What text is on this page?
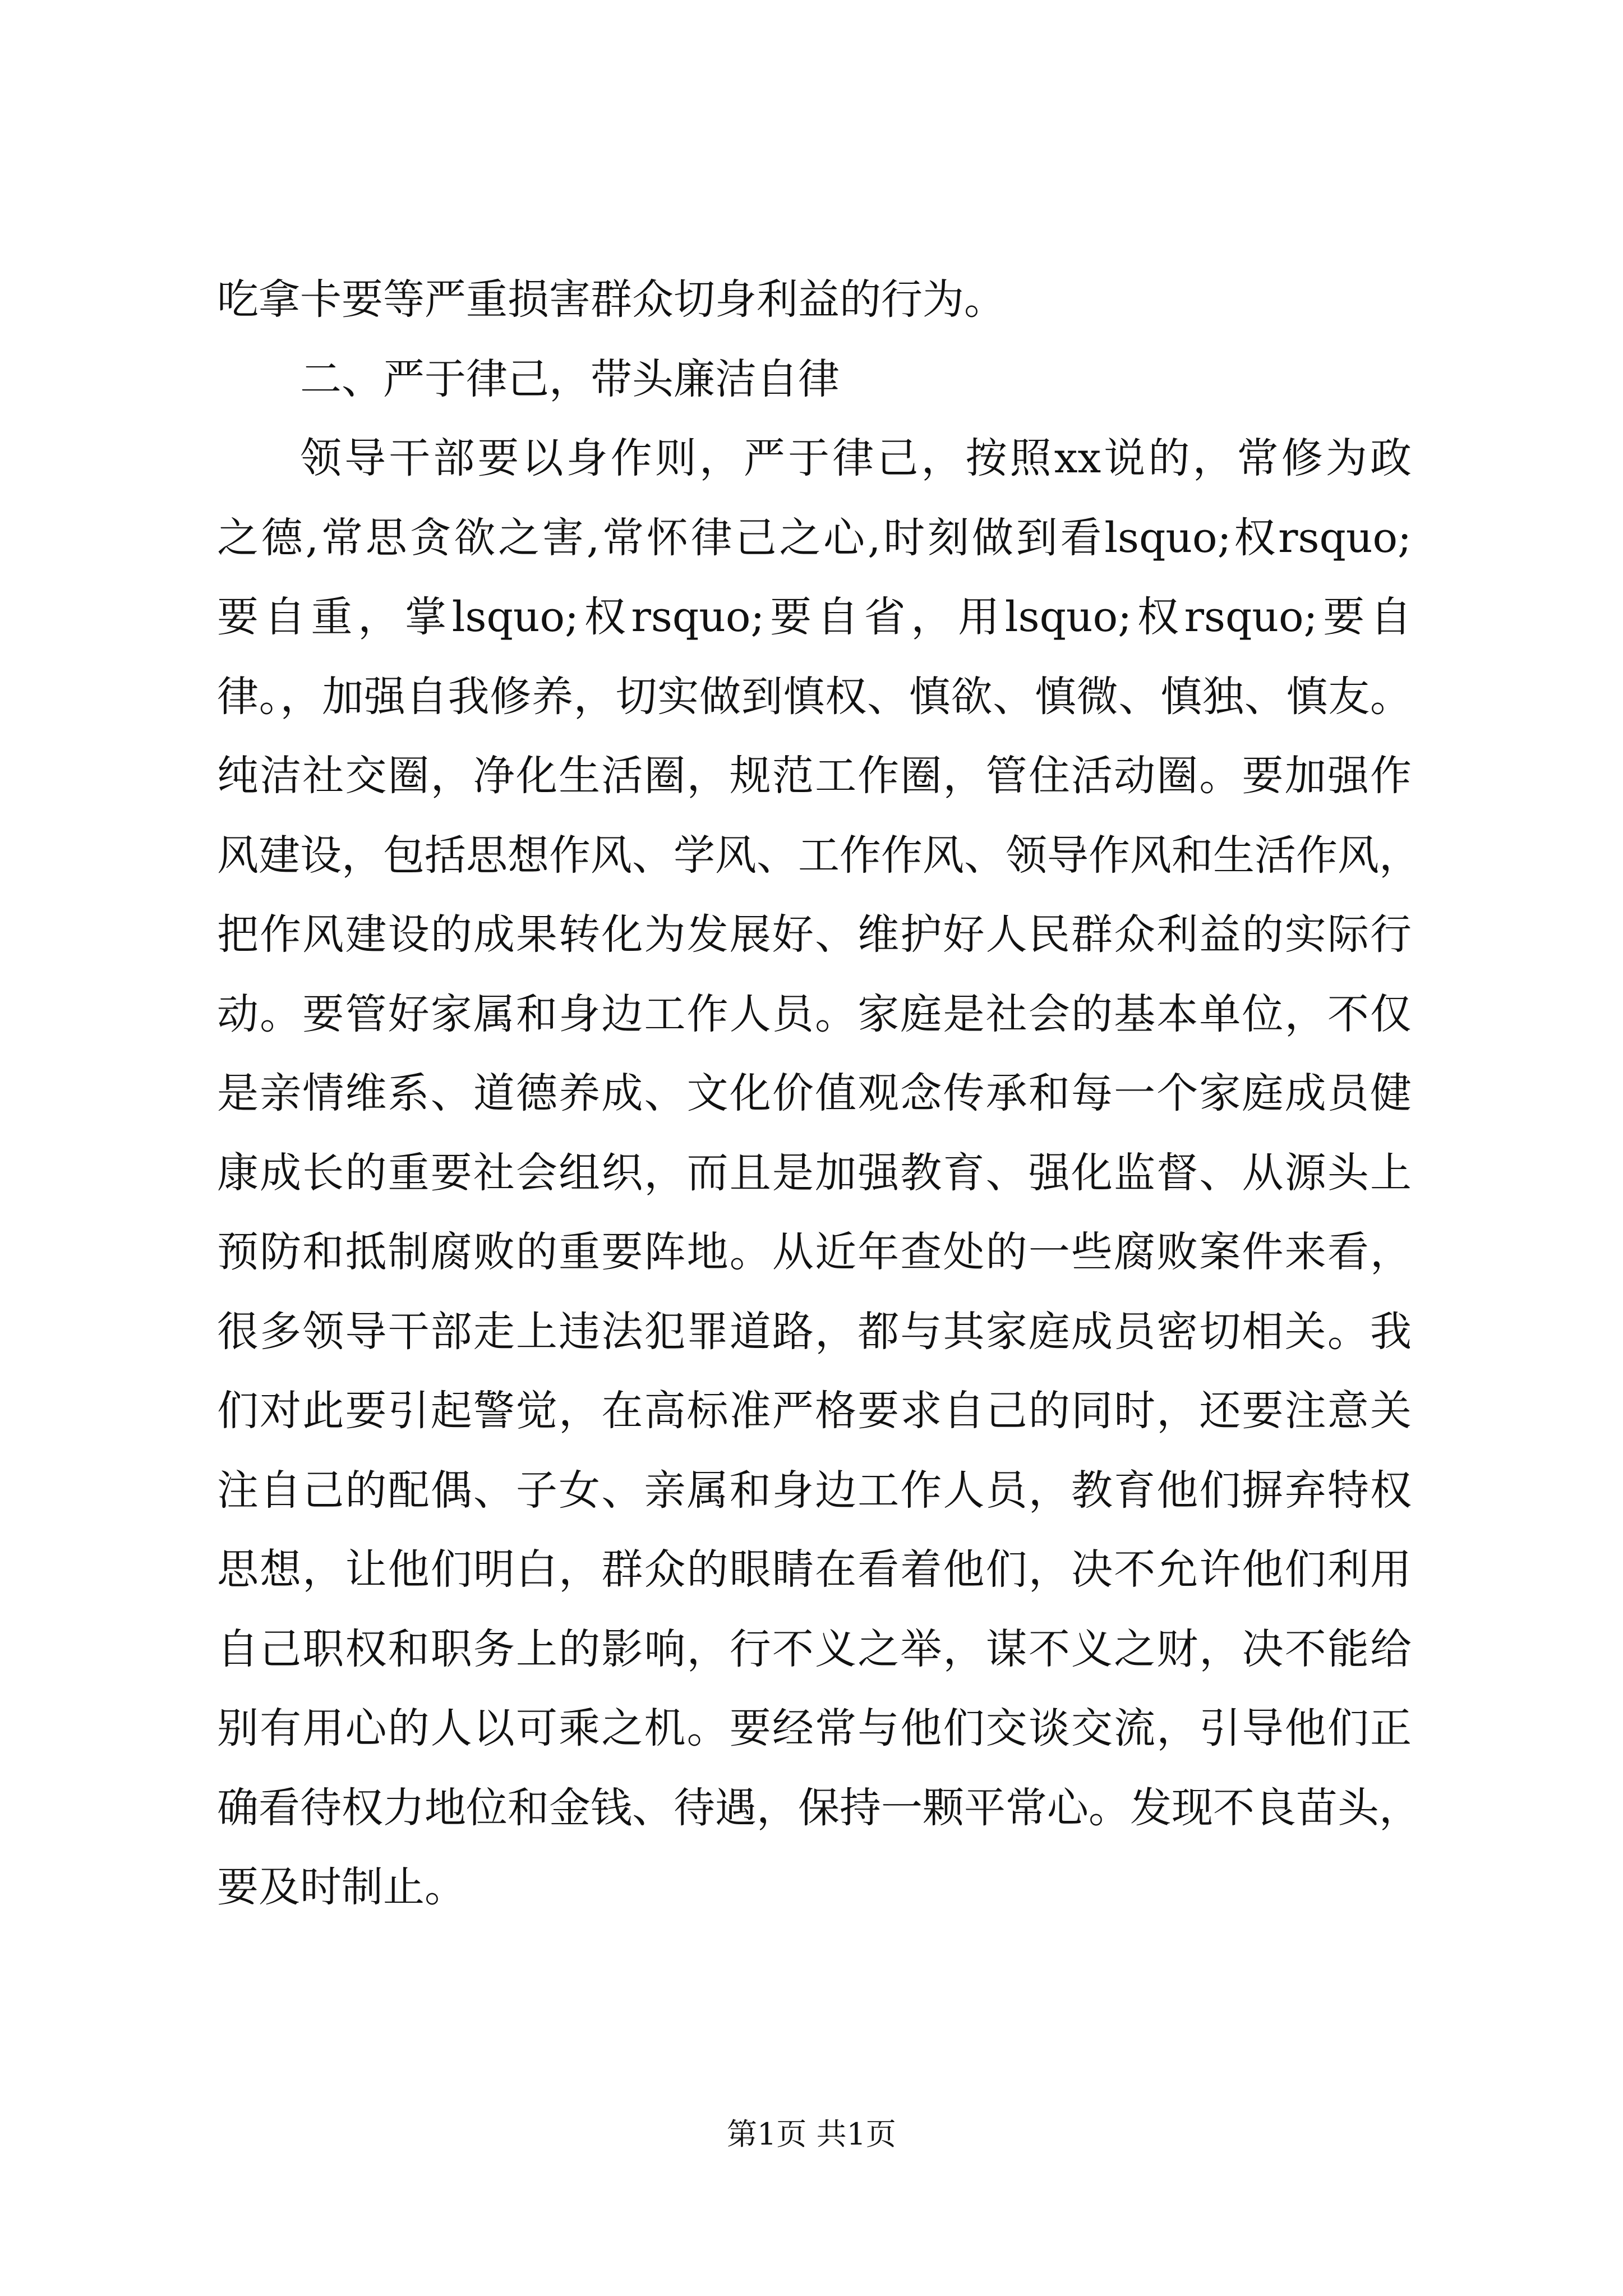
吃拿卡要等严重损害群众切身利益的行为。
二、严于律己，带头廉洁自律
领导干部要以身作则，严于律己，按照xx说的，常修为政
之德,常思贪欲之害,常怀律己之心,时刻做到看lsquo;权rsquo;
要自重，掌lsquo;权rsquo;要自省，用lsquo;权rsquo;要自
律。，加强自我修养，切实做到慎权、慎欲、慎微、慎独、慎友。
纯洁社交圈，净化生活圈，规范工作圈，管住活动圈。要加强作
风建设，包括思想作风、学风、工作作风、领导作风和生活作风，
把作风建设的成果转化为发展好、维护好人民群众利益的实际行
动。要管好家属和身边工作人员。家庭是社会的基本单位，不仅
是亲情维系、道德养成、文化价值观念传承和每一个家庭成员健
康成长的重要社会组织，而且是加强教育、强化监督、从源头上
预防和抵制腐败的重要阵地。从近年查处的一些腐败案件来看，
很多领导干部走上违法犯罪道路，都与其家庭成员密切相关。我
们对此要引起警觉，在高标准严格要求自己的同时，还要注意关
注自己的配偶、子女、亲属和身边工作人员，教育他们摒弃特权
思想，让他们明白，群众的眼睛在看着他们，决不允许他们利用
自己职权和职务上的影响，行不义之举，谋不义之财，决不能给
别有用心的人以可乘之机。要经常与他们交谈交流，引导他们正
确看待权力地位和金钱、待遇，保持一颗平常心。发现不良苗头，
要及时制止。
第1页 共1页
